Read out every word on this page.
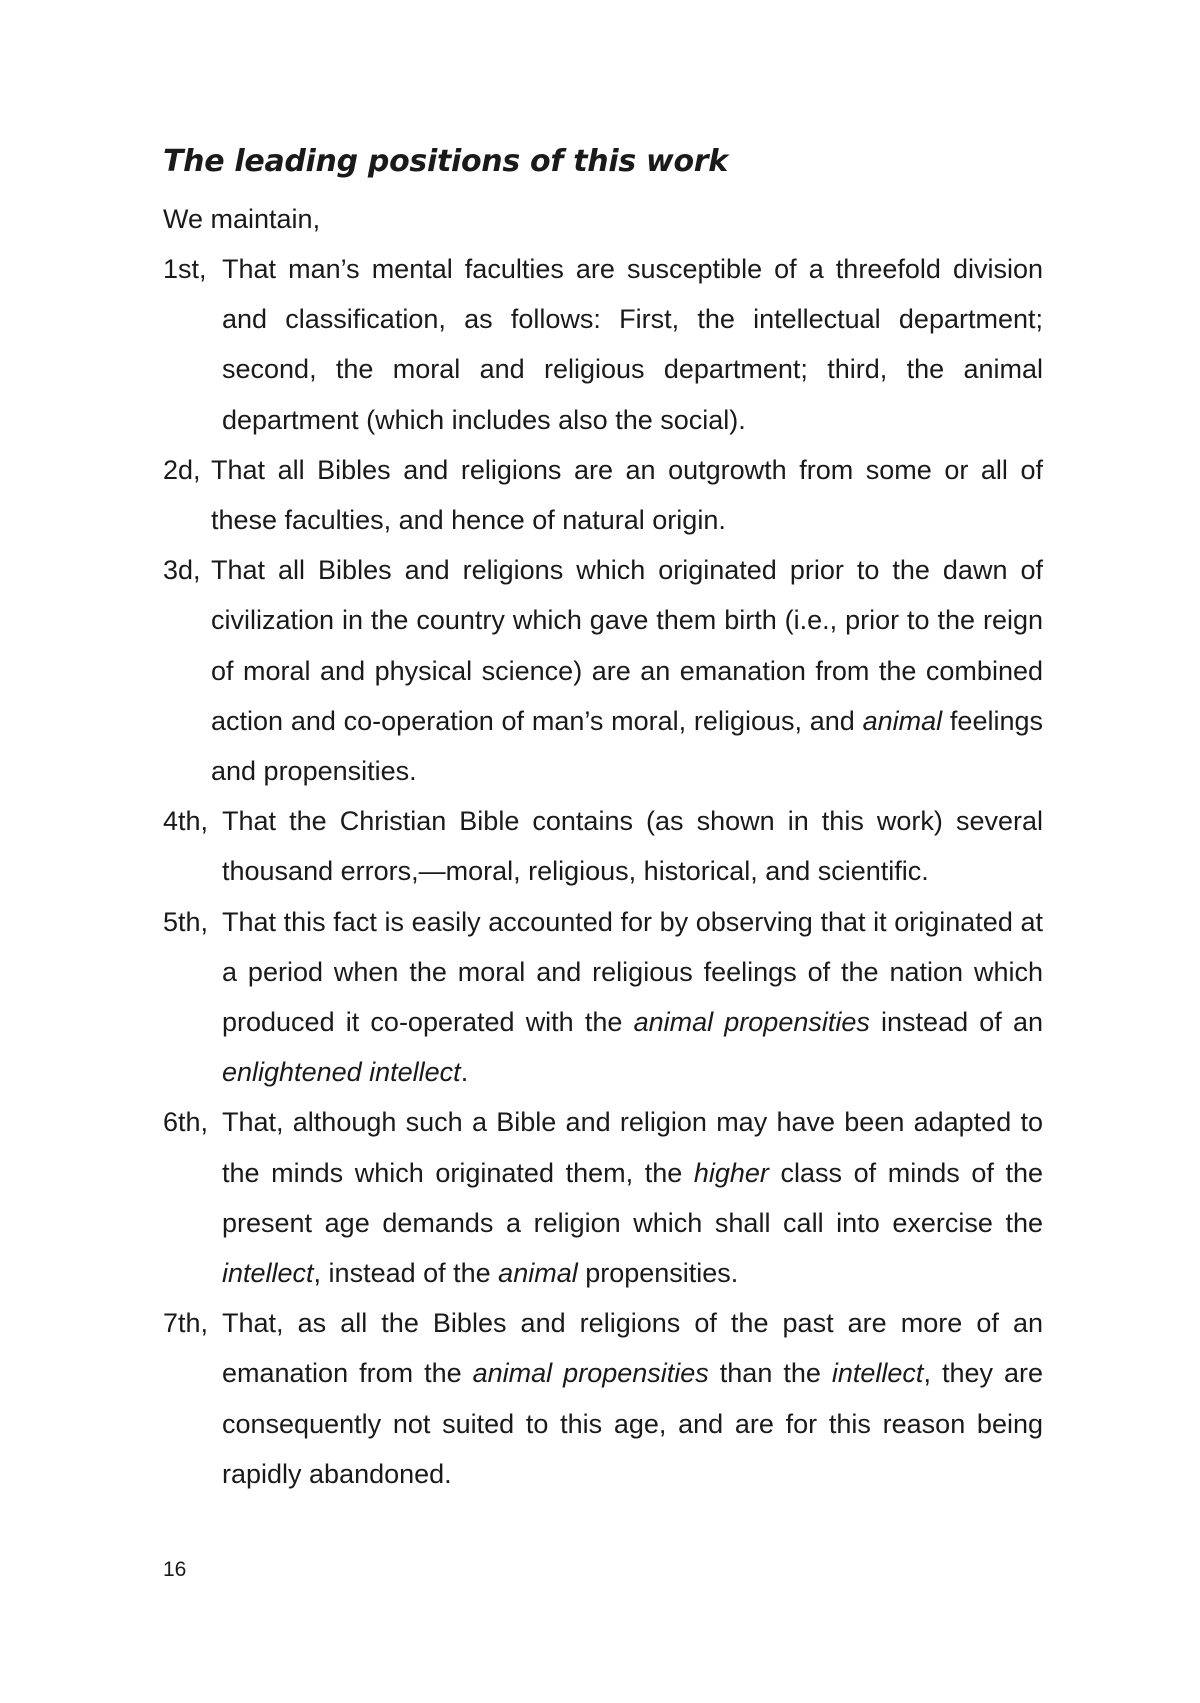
The leading positions of this work

We maintain,

1st, That man’s mental faculties are susceptible of a threefold division and classification, as follows: First, the intellectual department; second, the moral and religious department; third, the animal department (which includes also the social).
2d, That all Bibles and religions are an outgrowth from some or all of these faculties, and hence of natural origin.
3d, That all Bibles and religions which originated prior to the dawn of civilization in the country which gave them birth (i.e., prior to the reign of moral and physical science) are an emanation from the combined action and co-operation of man’s moral, religious, and animal feelings and propensities.
4th, That the Christian Bible contains (as shown in this work) several thousand errors,—moral, religious, historical, and scientific.
5th, That this fact is easily accounted for by observing that it originated at a period when the moral and religious feelings of the nation which produced it co-operated with the animal propensities instead of an enlightened intellect.
6th, That, although such a Bible and religion may have been adapted to the minds which originated them, the higher class of minds of the present age demands a religion which shall call into exercise the intellect, instead of the animal propensities.
7th, That, as all the Bibles and religions of the past are more of an emanation from the animal propensities than the intellect, they are consequently not suited to this age, and are for this reason being rapidly abandoned.
16
